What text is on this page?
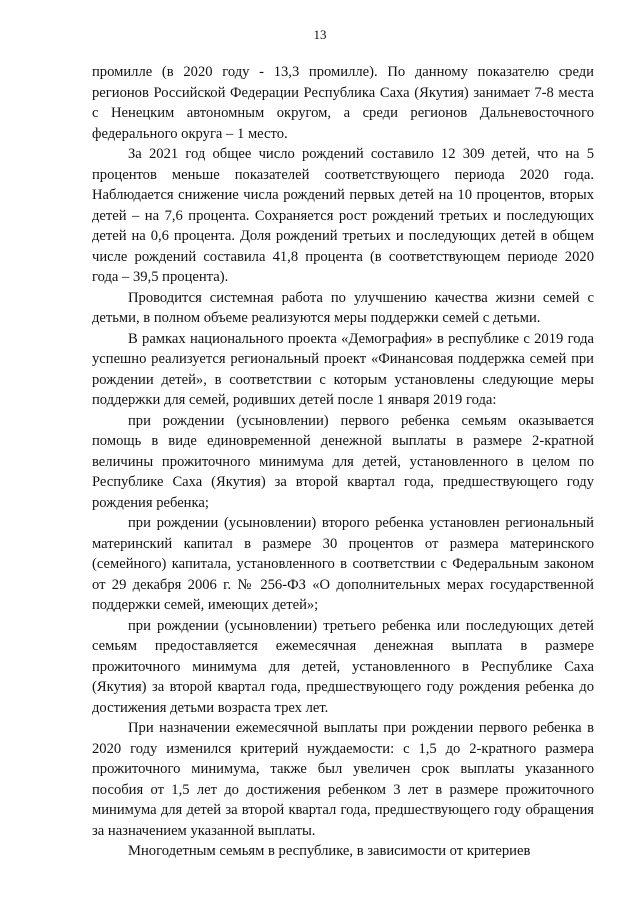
13

промилле (в 2020 году - 13,3 промилле). По данному показателю среди регионов Российской Федерации Республика Саха (Якутия) занимает 7-8 места с Ненецким автономным округом, а среди регионов Дальневосточного федерального округа – 1 место.

За 2021 год общее число рождений составило 12 309 детей, что на 5 процентов меньше показателей соответствующего периода 2020 года. Наблюдается снижение числа рождений первых детей на 10 процентов, вторых детей – на 7,6 процента. Сохраняется рост рождений третьих и последующих детей на 0,6 процента. Доля рождений третьих и последующих детей в общем числе рождений составила 41,8 процента (в соответствующем периоде 2020 года – 39,5 процента).

Проводится системная работа по улучшению качества жизни семей с детьми, в полном объеме реализуются меры поддержки семей с детьми.

В рамках национального проекта «Демография» в республике с 2019 года успешно реализуется региональный проект «Финансовая поддержка семей при рождении детей», в соответствии с которым установлены следующие меры поддержки для семей, родивших детей после 1 января 2019 года:

при рождении (усыновлении) первого ребенка семьям оказывается помощь в виде единовременной денежной выплаты в размере 2-кратной величины прожиточного минимума для детей, установленного в целом по Республике Саха (Якутия) за второй квартал года, предшествующего году рождения ребенка;

при рождении (усыновлении) второго ребенка установлен региональный материнский капитал в размере 30 процентов от размера материнского (семейного) капитала, установленного в соответствии с Федеральным законом от 29 декабря 2006 г. № 256-ФЗ «О дополнительных мерах государственной поддержки семей, имеющих детей»;

при рождении (усыновлении) третьего ребенка или последующих детей семьям предоставляется ежемесячная денежная выплата в размере прожиточного минимума для детей, установленного в Республике Саха (Якутия) за второй квартал года, предшествующего году рождения ребенка до достижения детьми возраста трех лет.

При назначении ежемесячной выплаты при рождении первого ребенка в 2020 году изменился критерий нуждаемости: с 1,5 до 2-кратного размера прожиточного минимума, также был увеличен срок выплаты указанного пособия от 1,5 лет до достижения ребенком 3 лет в размере прожиточного минимума для детей за второй квартал года, предшествующего году обращения за назначением указанной выплаты.

Многодетным семьям в республике, в зависимости от критериев
